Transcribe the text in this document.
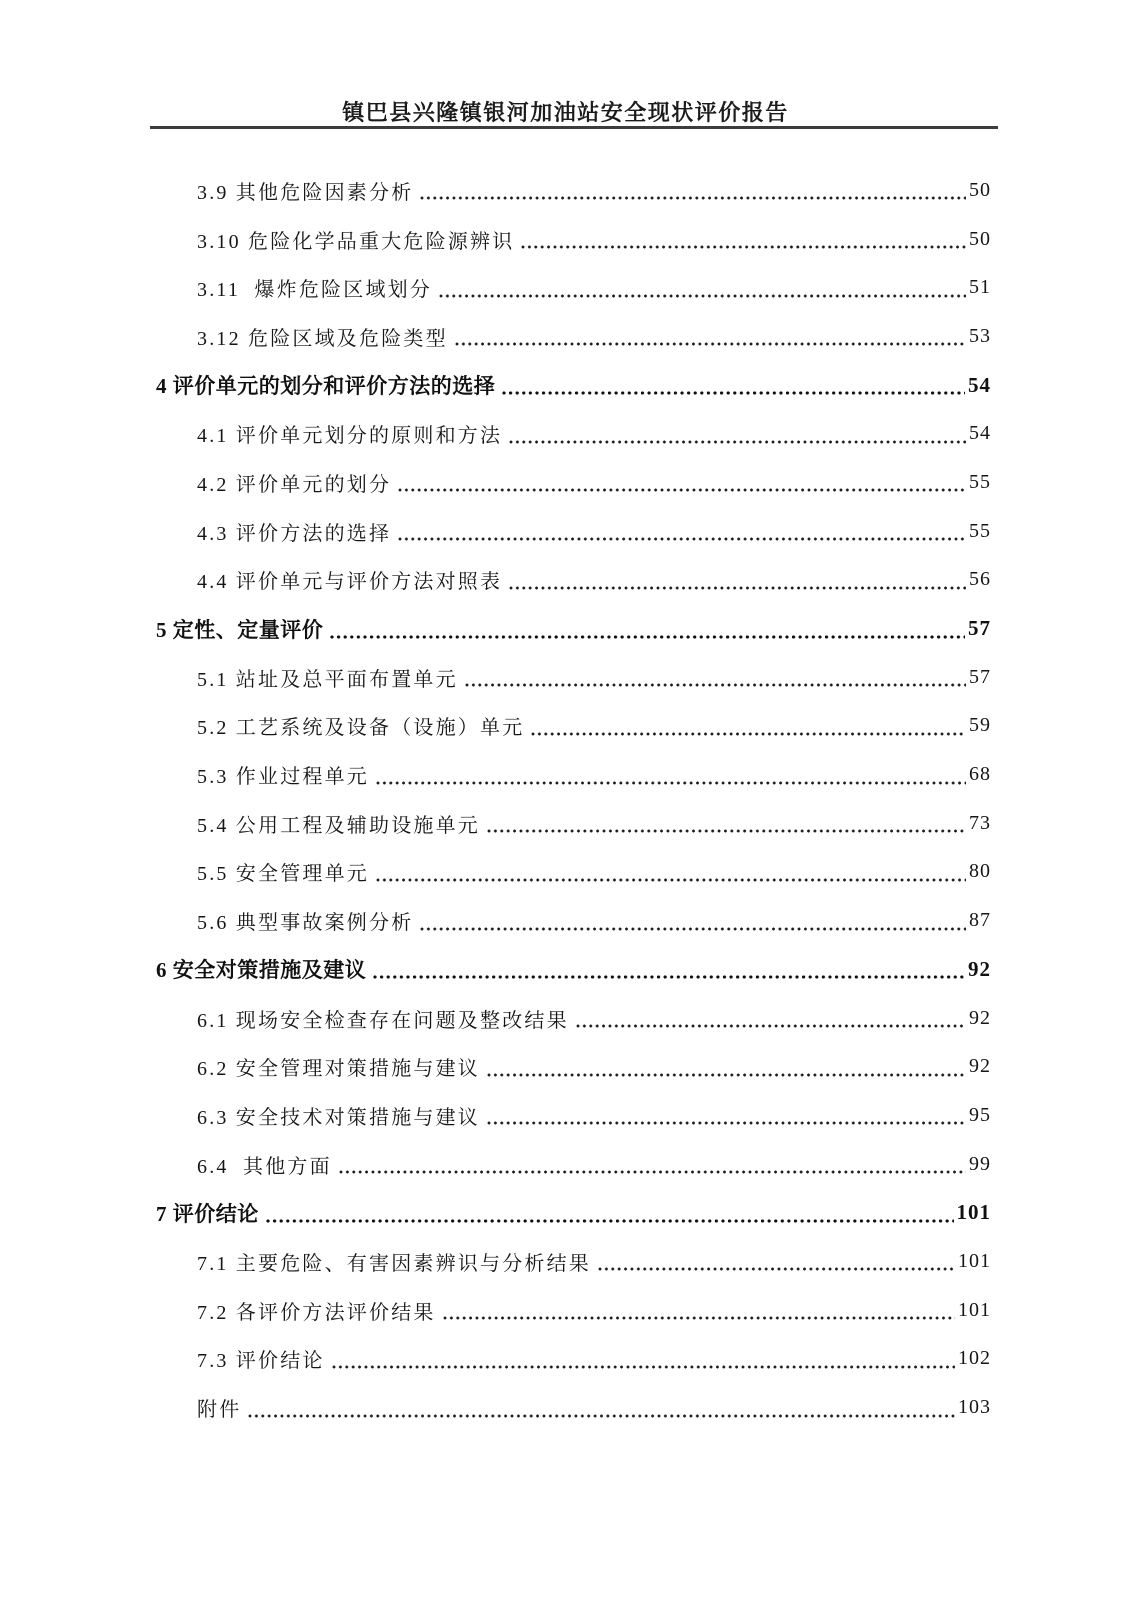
镇巴县兴隆镇银河加油站安全现状评价报告
3.9 其他危险因素分析	50
3.10 危险化学品重大危险源辨识	50
3.11  爆炸危险区域划分	51
3.12 危险区域及危险类型	53
4 评价单元的划分和评价方法的选择	54
4.1 评价单元划分的原则和方法	54
4.2 评价单元的划分	55
4.3 评价方法的选择	55
4.4 评价单元与评价方法对照表	56
5 定性、定量评价	57
5.1 站址及总平面布置单元	57
5.2 工艺系统及设备（设施）单元	59
5.3 作业过程单元	68
5.4 公用工程及辅助设施单元	73
5.5 安全管理单元	80
5.6 典型事故案例分析	87
6 安全对策措施及建议	92
6.1 现场安全检查存在问题及整改结果	92
6.2 安全管理对策措施与建议	92
6.3 安全技术对策措施与建议	95
6.4  其他方面	99
7 评价结论	101
7.1 主要危险、有害因素辨识与分析结果	101
7.2 各评价方法评价结果	101
7.3 评价结论	102
附件	103
